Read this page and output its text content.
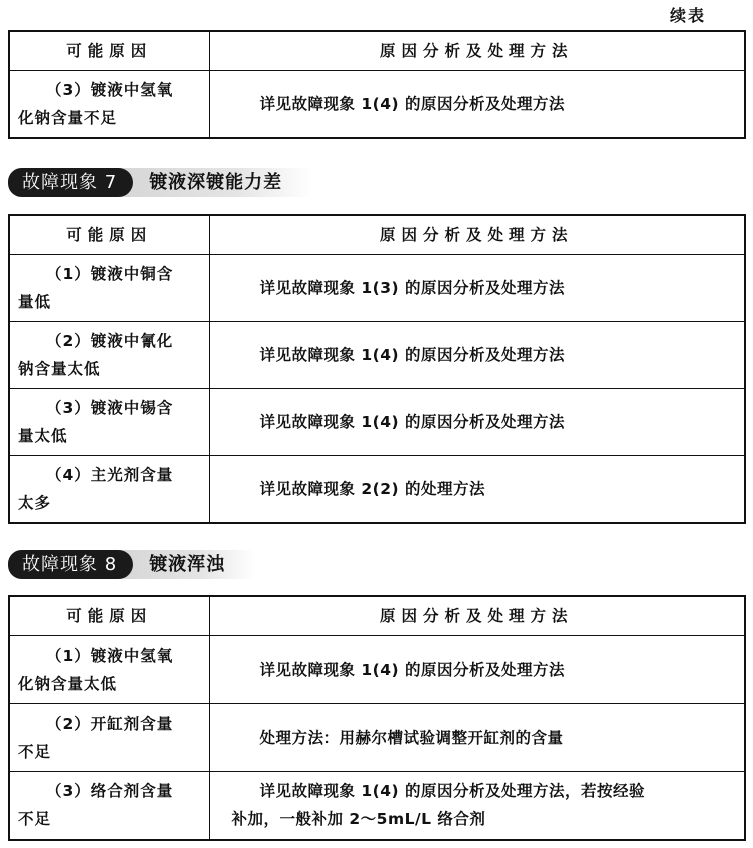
续表
可能原因	原因分析及处理方法
（3）镀液中氢氧
化钠含量不足	详见故障现象 1(4) 的原因分析及处理方法
故障现象 7	镀液深镀能力差
可能原因	原因分析及处理方法
（1）镀液中铜含
量低	详见故障现象 1(3) 的原因分析及处理方法
（2）镀液中氰化
钠含量太低	详见故障现象 1(4) 的原因分析及处理方法
（3）镀液中锡含
量太低	详见故障现象 1(4) 的原因分析及处理方法
（4）主光剂含量
太多	详见故障现象 2(2) 的处理方法
故障现象 8	镀液浑浊
可能原因	原因分析及处理方法
（1）镀液中氢氧
化钠含量太低	详见故障现象 1(4) 的原因分析及处理方法
（2）开缸剂含量
不足	处理方法：用赫尔槽试验调整开缸剂的含量
（3）络合剂含量
不足	详见故障现象 1(4) 的原因分析及处理方法，若按经验
补加，一般补加 2～5mL/L 络合剂
